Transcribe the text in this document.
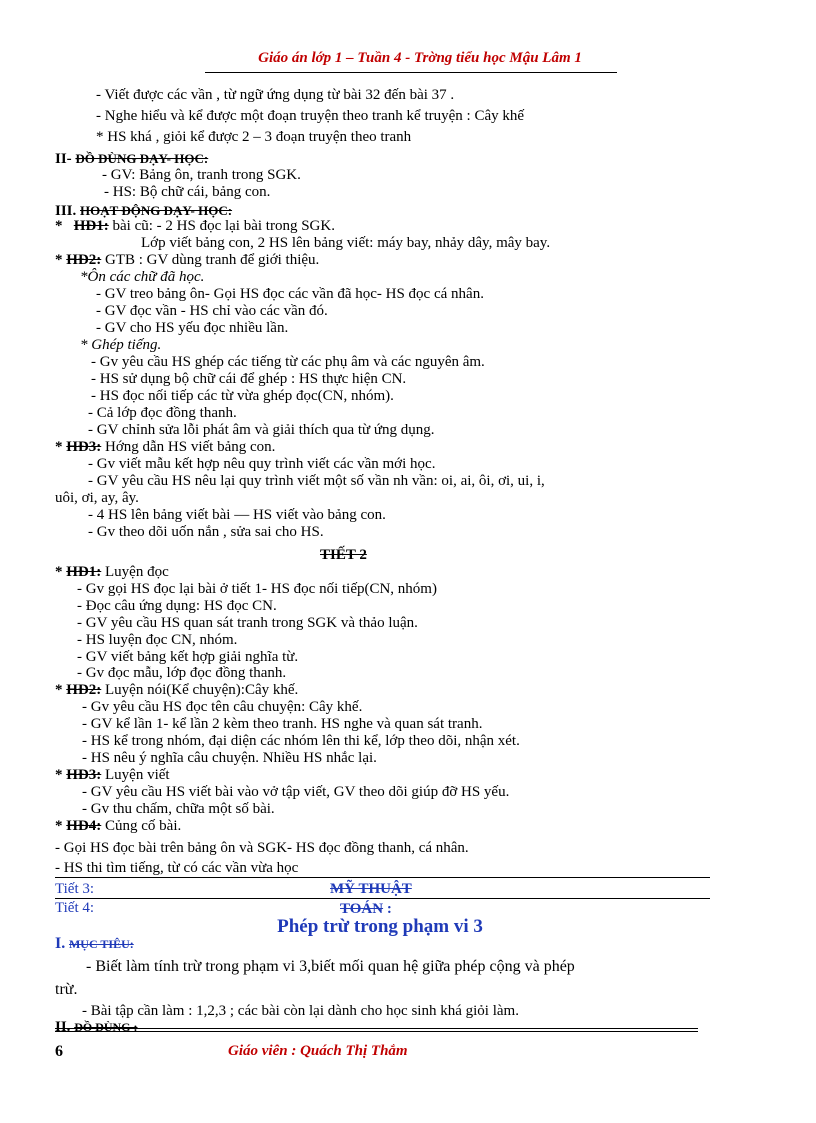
Giáo án lớp 1 – Tuần 4 - Trờng tiểu học Mậu Lâm 1
- Viết được các vần , từ ngữ ứng dụng từ bài 32 đến bài 37 .
- Nghe hiểu và kể được một đoạn truyện theo tranh kể truyện : Cây khế
* HS khá , giỏi kể được 2 – 3 đoạn truyện theo tranh
II- ĐỒ DÙNG DẠY- HỌC:
- GV: Bảng ôn, tranh trong SGK.
- HS: Bộ chữ cái, bảng con.
III. HOẠT ĐỘNG DẠY- HỌC:
* HĐ1: bài cũ: - 2 HS đọc lại bài trong SGK.
Lớp viết bảng con, 2 HS lên bảng viết: máy bay, nhảy dây, mây bay.
* HĐ2: GTB : GV dùng tranh để giới thiệu.
*Ôn các chữ đã học.
- GV treo bảng ôn- Gọi HS đọc các vần đã học- HS đọc cá nhân.
- GV đọc vần - HS chỉ vào các vần đó.
- GV cho HS yếu đọc nhiều lần.
* Ghép tiếng.
- Gv yêu cầu HS ghép các tiếng từ các phụ âm và các nguyên âm.
- HS sử dụng bộ chữ cái để ghép : HS thực hiện CN.
- HS đọc nối tiếp các từ vừa ghép đọc(CN, nhóm).
- Cả lớp đọc đồng thanh.
- GV chỉnh sửa lỗi phát âm và giải thích qua từ ứng dụng.
* HĐ3: Hớng dẫn HS viết bảng con.
- Gv viết mẫu kết hợp nêu quy trình viết các vần mới học.
- GV yêu cầu HS nêu lại quy trình viết một số vần nh vần: oi, ai, ôi, ơi, ui, i,
uôi, ơi, ay, ây.
- 4 HS lên bảng viết bài — HS viết vào bảng con.
- Gv theo dõi uốn nắn , sửa sai cho HS.
TIẾT 2
* HĐ1: Luyện đọc
- Gv gọi HS đọc lại bài ở tiết 1- HS đọc nối tiếp(CN, nhóm)
- Đọc câu ứng dụng: HS đọc CN.
- GV yêu cầu HS quan sát tranh trong SGK và thảo luận.
- HS luyện đọc CN, nhóm.
- GV viết bảng kết hợp giải nghĩa từ.
- Gv đọc mẫu, lớp đọc đồng thanh.
* HĐ2: Luyện nói(Kể chuyện):Cây khế.
- Gv yêu cầu HS đọc tên câu chuyện: Cây khế.
- GV kể lần 1- kể lần 2 kèm theo tranh. HS nghe và quan sát tranh.
- HS kể trong nhóm, đại diện các nhóm lên thi kể, lớp theo dõi, nhận xét.
- HS nêu ý nghĩa câu chuyện. Nhiều HS nhắc lại.
* HĐ3: Luyện viết
- GV yêu cầu HS viết bài vào vở tập viết, GV theo dõi giúp đỡ HS yếu.
- Gv thu chấm, chữa một số bài.
* HĐ4: Củng cố bài.
- Gọi HS đọc bài trên bảng ôn và SGK- HS đọc đồng thanh, cá nhân.
- HS thi tìm tiếng, từ có các vần vừa học
Tiết 3:	MỸ THUẬT
Tiết 4:	TOÁN :
Phép trừ trong phạm vi 3
I. MỤC TIÊU:
- Biết làm tính trừ trong phạm vi 3,biết mối quan hệ giữa phép cộng và phép
trừ.
- Bài tập cần làm : 1,2,3 ; các bài còn lại dành cho học sinh khá giỏi làm.
II. ĐỒ DÙNG :
6	Giáo viên : Quách Thị Thắm
